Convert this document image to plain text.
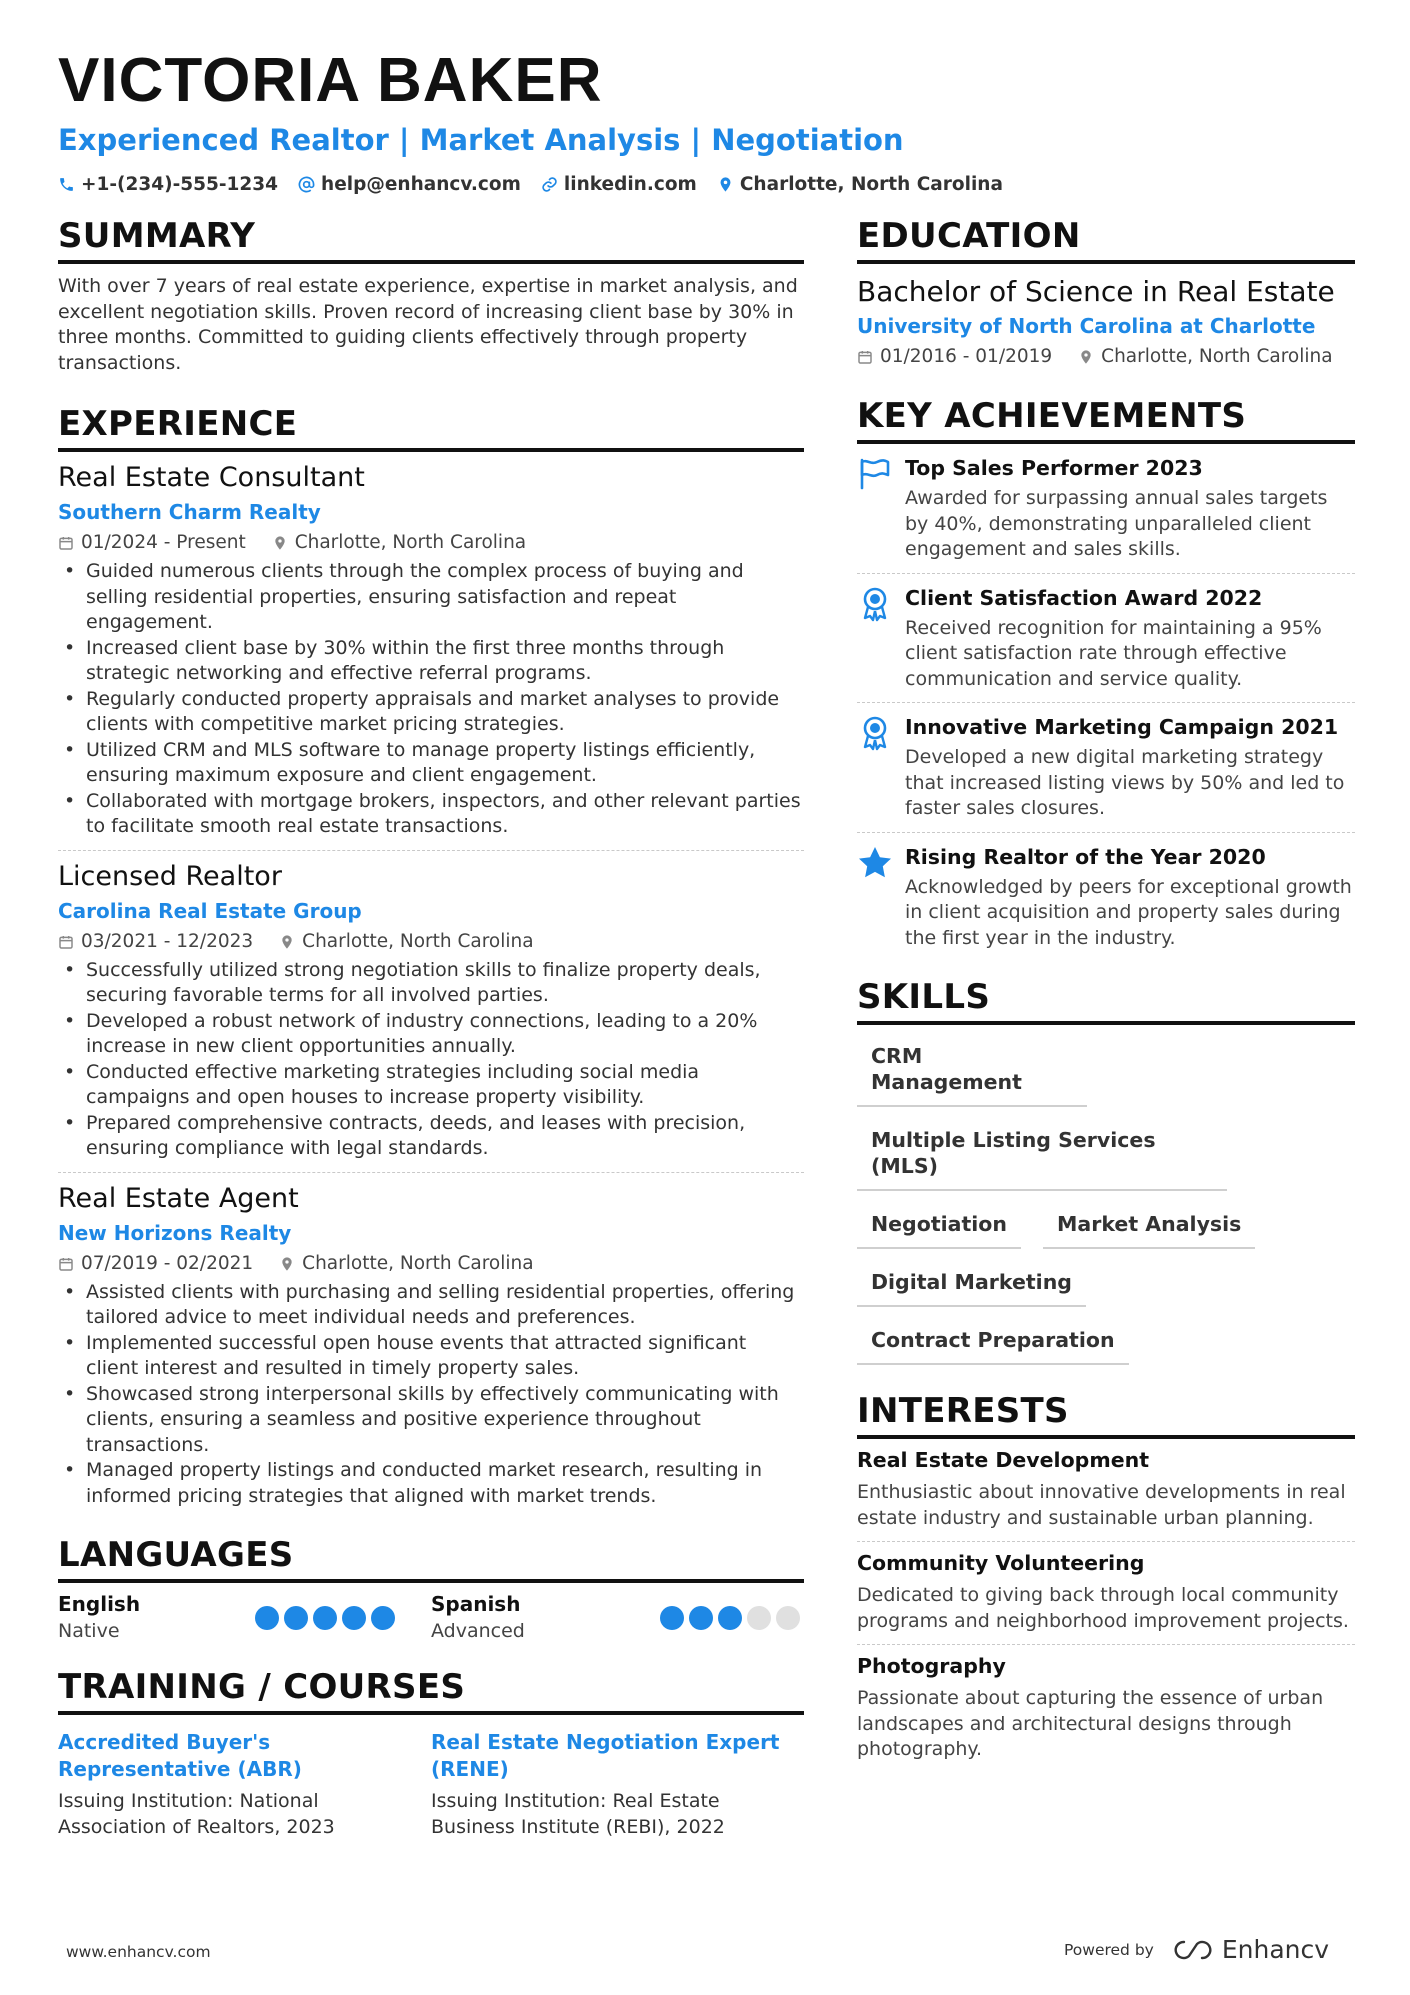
VICTORIA BAKER
Experienced Realtor | Market Analysis | Negotiation
+1-(234)-555-1234 help@enhancv.com linkedin.com Charlotte, North Carolina
SUMMARY

With over 7 years of real estate experience, expertise in market analysis, and excellent negotiation skills. Proven record of increasing client base by 30% in three months. Committed to guiding clients effectively through property transactions.

EXPERIENCE
Real Estate Consultant
Southern Charm Realty
01/2024 - Present	Charlotte, North Carolina
• Guided numerous clients through the complex process of buying and selling residential properties, ensuring satisfaction and repeat engagement.
• Increased client base by 30% within the first three months through strategic networking and effective referral programs.
• Regularly conducted property appraisals and market analyses to provide clients with competitive market pricing strategies.
• Utilized CRM and MLS software to manage property listings efficiently, ensuring maximum exposure and client engagement.
• Collaborated with mortgage brokers, inspectors, and other relevant parties to facilitate smooth real estate transactions.
Licensed Realtor
Carolina Real Estate Group
03/2021 - 12/2023	Charlotte, North Carolina
• Successfully utilized strong negotiation skills to finalize property deals, securing favorable terms for all involved parties.
• Developed a robust network of industry connections, leading to a 20% increase in new client opportunities annually.
• Conducted effective marketing strategies including social media campaigns and open houses to increase property visibility.
• Prepared comprehensive contracts, deeds, and leases with precision, ensuring compliance with legal standards.
Real Estate Agent
New Horizons Realty
07/2019 - 02/2021	Charlotte, North Carolina
• Assisted clients with purchasing and selling residential properties, offering tailored advice to meet individual needs and preferences.
• Implemented successful open house events that attracted significant client interest and resulted in timely property sales.
• Showcased strong interpersonal skills by effectively communicating with clients, ensuring a seamless and positive experience throughout transactions.
• Managed property listings and conducted market research, resulting in informed pricing strategies that aligned with market trends.
LANGUAGES
English
Native
Spanish
Advanced
TRAINING / COURSES
Accredited Buyer's Representative (ABR)
Issuing Institution: National Association of Realtors, 2023
Real Estate Negotiation Expert (RENE)
Issuing Institution: Real Estate Business Institute (REBI), 2022
EDUCATION
Bachelor of Science in Real Estate
University of North Carolina at Charlotte
01/2016 - 01/2019	Charlotte, North Carolina
KEY ACHIEVEMENTS
Top Sales Performer 2023
Awarded for surpassing annual sales targets by 40%, demonstrating unparalleled client engagement and sales skills.
Client Satisfaction Award 2022
Received recognition for maintaining a 95% client satisfaction rate through effective communication and service quality.
Innovative Marketing Campaign 2021
Developed a new digital marketing strategy that increased listing views by 50% and led to faster sales closures.
Rising Realtor of the Year 2020
Acknowledged by peers for exceptional growth in client acquisition and property sales during the first year in the industry.
SKILLS
CRM Management
Multiple Listing Services (MLS)
Negotiation	Market Analysis
Digital Marketing
Contract Preparation
INTERESTS
Real Estate Development
Enthusiastic about innovative developments in real estate industry and sustainable urban planning.
Community Volunteering
Dedicated to giving back through local community programs and neighborhood improvement projects.
Photography
Passionate about capturing the essence of urban landscapes and architectural designs through photography.
www.enhancv.com	Powered by	Enhancv
